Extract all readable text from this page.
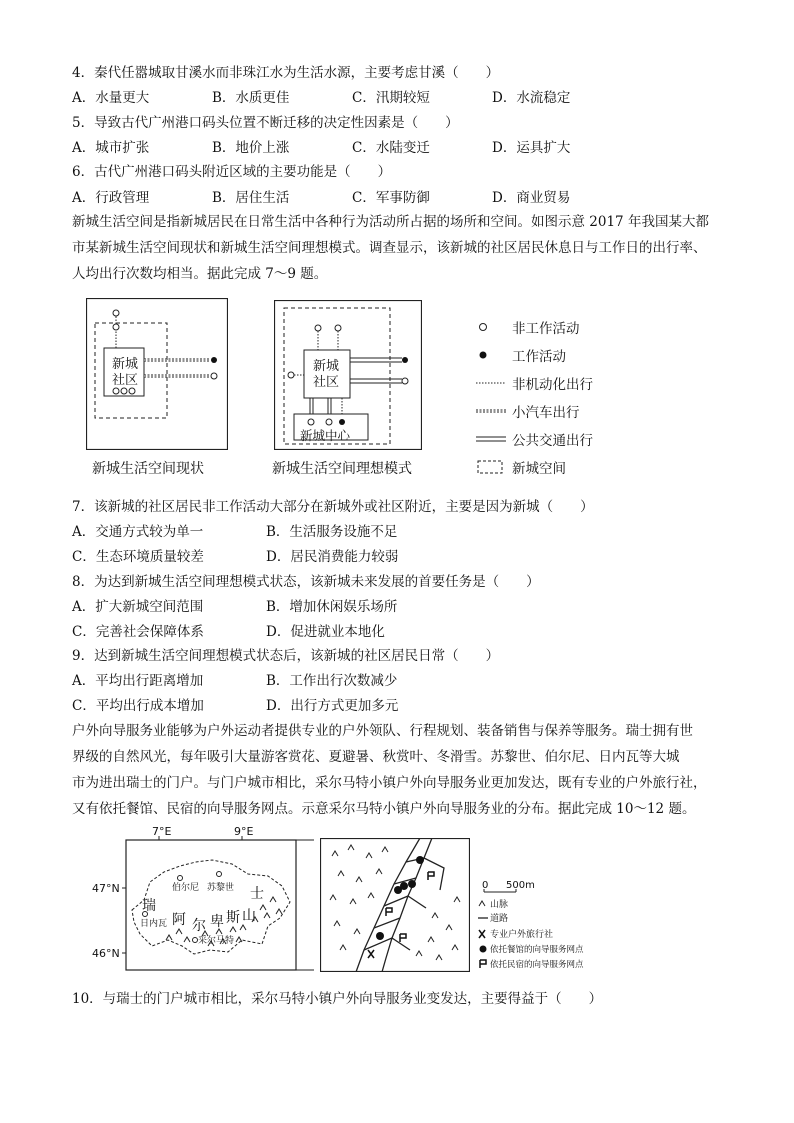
4．秦代任嚣城取甘溪水而非珠江水为生活水源，主要考虑甘溪（　　）
A．水量更大	B．水质更佳	C．汛期较短	D．水流稳定
5．导致古代广州港口码头位置不断迁移的决定性因素是（　　）
A．城市扩张	B．地价上涨	C．水陆变迁	D．运具扩大
6．古代广州港口码头附近区域的主要功能是（　　）
A．行政管理	B．居住生活	C．军事防御	D．商业贸易
新城生活空间是指新城居民在日常生活中各种行为活动所占据的场所和空间。如图示意 2017 年我国某大都
市某新城生活空间现状和新城生活空间理想模式。调查显示，该新城的社区居民休息日与工作日的出行率、
人均出行次数均相当。据此完成 7～9 题。
新城
社区
新城生活空间现状
新城
社区
新城中心
新城生活空间理想模式
非工作活动
工作活动
非机动化出行
小汽车出行
公共交通出行
新城空间
7．该新城的社区居民非工作活动大部分在新城外或社区附近，主要是因为新城（　　）
A．交通方式较为单一	B．生活服务设施不足
C．生态环境质量较差	D．居民消费能力较弱
8．为达到新城生活空间理想模式状态，该新城未来发展的首要任务是（　　）
A．扩大新城空间范围	B．增加休闲娱乐场所
C．完善社会保障体系	D．促进就业本地化
9．达到新城生活空间理想模式状态后，该新城的社区居民日常（　　）
A．平均出行距离增加	B．工作出行次数减少
C．平均出行成本增加	D．出行方式更加多元
户外向导服务业能够为户外运动者提供专业的户外领队、行程规划、装备销售与保养等服务。瑞士拥有世
界级的自然风光，每年吸引大量游客赏花、夏避暑、秋赏叶、冬滑雪。苏黎世、伯尔尼、日内瓦等大城
市为进出瑞士的门户。与门户城市相比，采尔马特小镇户外向导服务业更加发达，既有专业的户外旅行社，
又有依托餐馆、民宿的向导服务网点。示意采尔马特小镇户外向导服务业的分布。据此完成 10～12 题。
7°E	9°E
47°N
46°N
伯尔尼 苏黎世
日内瓦
采尔马特
瑞
士
阿 尔 卑 斯 山
0 500m
山脉
道路
专业户外旅行社
依托餐馆的向导服务网点
依托民宿的向导服务网点
10．与瑞士的门户城市相比，采尔马特小镇户外向导服务业变发达，主要得益于（　　）
